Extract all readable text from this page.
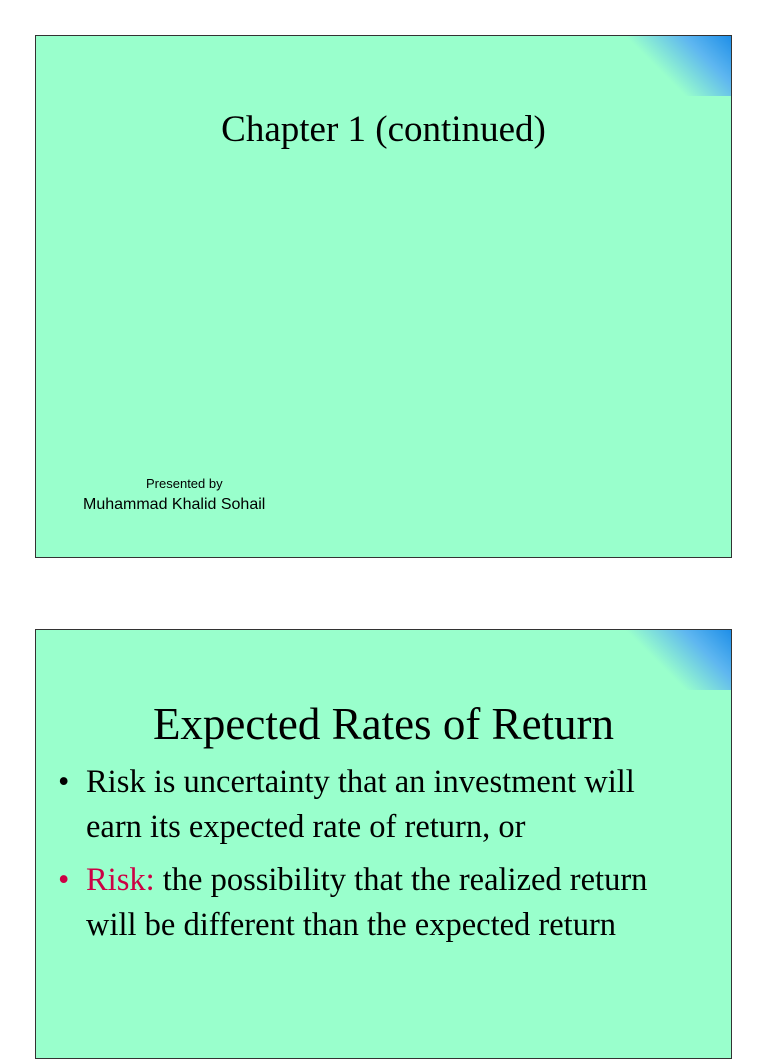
Chapter 1 (continued)
Presented by
Muhammad Khalid Sohail
Expected Rates of Return
• Risk is uncertainty that an investment will earn its expected rate of return, or
• Risk: the possibility that the realized return will be different than the expected return
